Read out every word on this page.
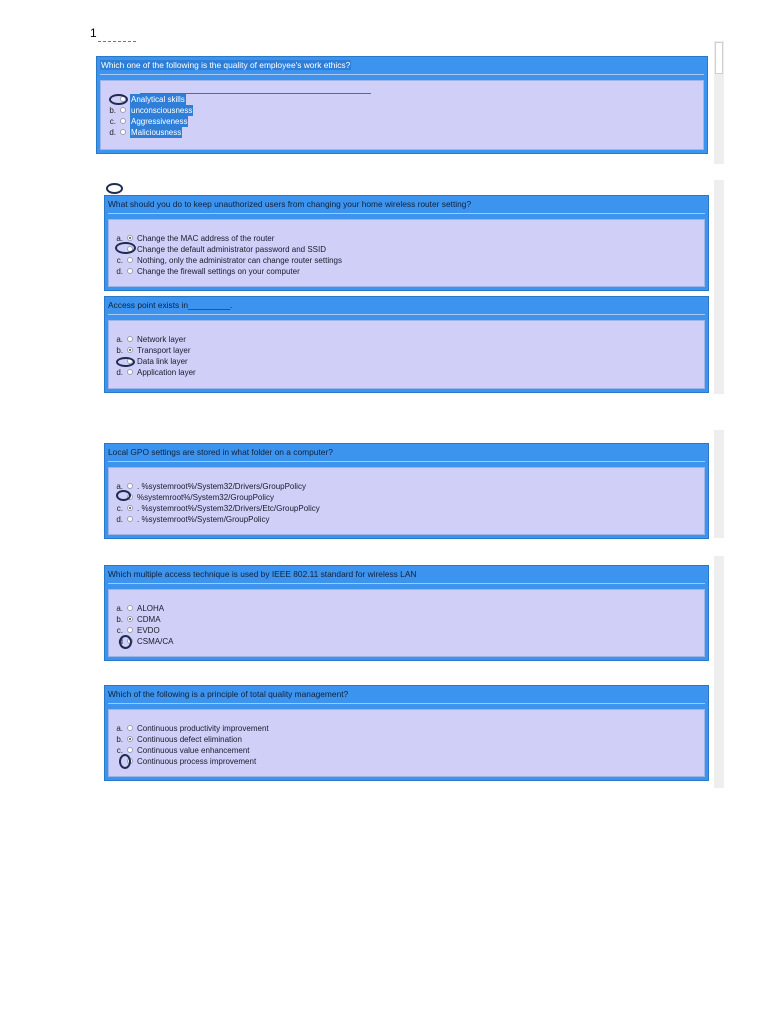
1
Which one of the following is the quality of employee's work ethics?
Analytical skills
b. unconsciousness
c. Aggressiveness
d. Maliciousness
What should you do to keep unauthorized users from changing your home wireless router setting?
a. Change the MAC address of the router
Change the default administrator password and SSID
c. Nothing, only the administrator can change router settings
d. Change the firewall settings on your computer
Access point exists in_________.
a. Network layer
b. Transport layer
Data link layer
d. Application layer
Local GPO settings are stored in what folder on a computer?
a. . %systemroot%/System32/Drivers/GroupPolicy
%systemroot%/System32/GroupPolicy
c. . %systemroot%/System32/Drivers/Etc/GroupPolicy
d. . %systemroot%/System/GroupPolicy
Which multiple access technique is used by IEEE 802.11 standard for wireless LAN
a. ALOHA
b. CDMA
c. EVDO
d CSMA/CA
Which of the following is a principle of total quality management?
a. Continuous productivity improvement
b. Continuous defect elimination
c. Continuous value enhancement
Continuous process improvement
